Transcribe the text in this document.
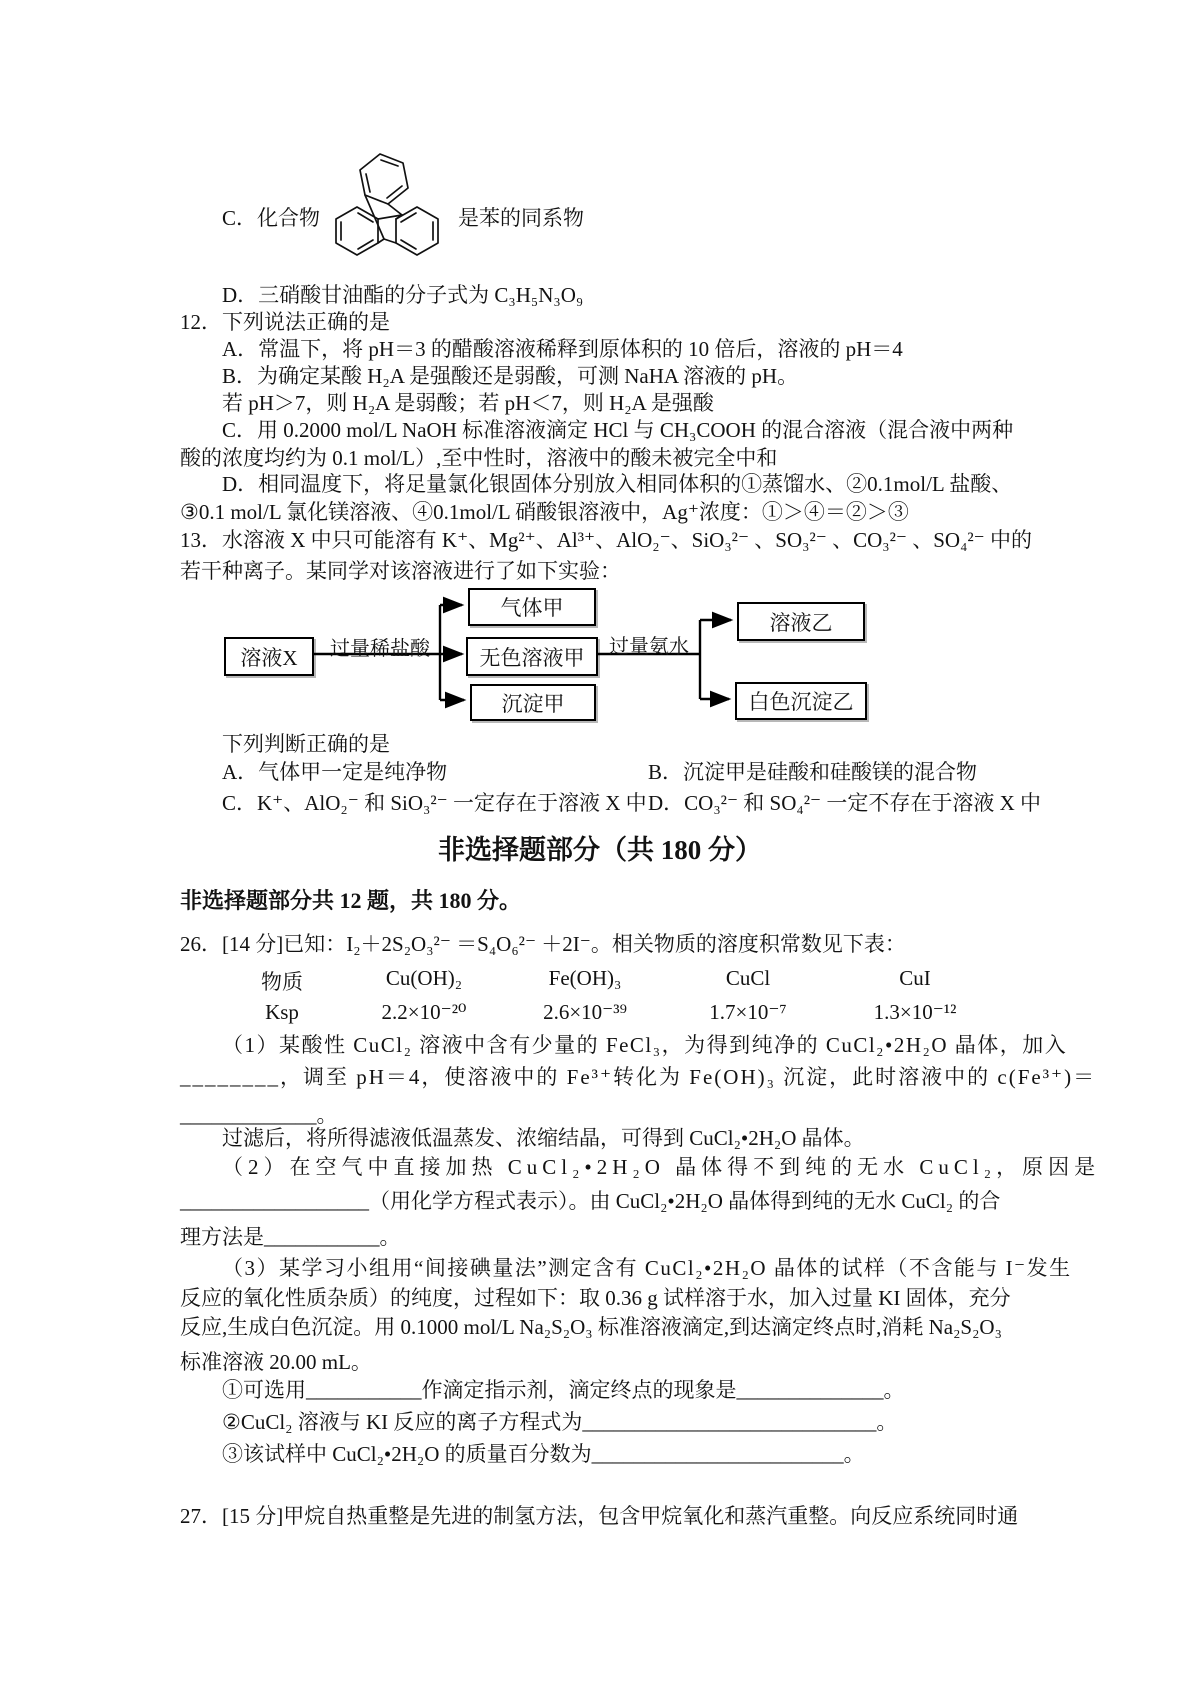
C．化合物	是苯的同系物
D．三硝酸甘油酯的分子式为 C₃H₅N₃O₉
12．下列说法正确的是
A．常温下，将 pH＝3 的醋酸溶液稀释到原体积的 10 倍后，溶液的 pH＝4
B．为确定某酸 H₂A 是强酸还是弱酸，可测 NaHA 溶液的 pH。
若 pH＞7，则 H₂A 是弱酸；若 pH＜7，则 H₂A 是强酸
C．用 0.2000 mol/L NaOH 标准溶液滴定 HCl 与 CH₃COOH 的混合溶液（混合液中两种
酸的浓度均约为 0.1 mol/L）,至中性时，溶液中的酸未被完全中和
D．相同温度下，将足量氯化银固体分别放入相同体积的①蒸馏水、②0.1mol/L 盐酸、
③0.1 mol/L 氯化镁溶液、④0.1mol/L 硝酸银溶液中，Ag⁺浓度：①＞④＝②＞③
13．水溶液 X 中只可能溶有 K⁺、Mg²⁺、Al³⁺、AlO₂⁻、SiO₃²⁻ 、SO₃²⁻ 、CO₃²⁻ 、SO₄²⁻ 中的
若干种离子。某同学对该溶液进行了如下实验：
溶液X	过量稀盐酸
气体甲
无色溶液甲
沉淀甲
过量氨水
溶液乙
白色沉淀乙
下列判断正确的是
A．气体甲一定是纯净物	B．沉淀甲是硅酸和硅酸镁的混合物
C．K⁺、AlO₂⁻ 和 SiO₃²⁻ 一定存在于溶液 X 中 D．CO₃²⁻ 和 SO₄²⁻ 一定不存在于溶液 X 中
非选择题部分（共 180 分）
非选择题部分共 12 题，共 180 分。
26．[14 分]已知：I₂＋2S₂O₃²⁻ ＝S₄O₆²⁻ ＋2I⁻。相关物质的溶度积常数见下表：
物质	Cu(OH)₂	Fe(OH)₃	CuCl	CuI
Ksp	2.2×10⁻²⁰	2.6×10⁻³⁹	1.7×10⁻⁷	1.3×10⁻¹²
（1）某酸性 CuCl₂ 溶液中含有少量的 FeCl₃，为得到纯净的 CuCl₂•2H₂O 晶体，加入
________，调至 pH＝4，使溶液中的 Fe³⁺转化为 Fe(OH)₃ 沉淀，此时溶液中的 c(Fe³⁺)＝
_____________。
过滤后，将所得滤液低温蒸发、浓缩结晶，可得到 CuCl₂•2H₂O 晶体。
（2）在空气中直接加热 CuCl₂•2H₂O 晶体得不到纯的无水 CuCl₂，原因是
__________________（用化学方程式表示）。由 CuCl₂•2H₂O 晶体得到纯的无水 CuCl₂ 的合
理方法是___________。
（3）某学习小组用“间接碘量法”测定含有 CuCl₂•2H₂O 晶体的试样（不含能与 I⁻发生
反应的氧化性质杂质）的纯度，过程如下：取 0.36 g 试样溶于水，加入过量 KI 固体，充分
反应,生成白色沉淀。用 0.1000 mol/L Na₂S₂O₃ 标准溶液滴定,到达滴定终点时,消耗 Na₂S₂O₃
标准溶液 20.00 mL。
①可选用___________作滴定指示剂，滴定终点的现象是______________。
②CuCl₂ 溶液与 KI 反应的离子方程式为____________________________。
③该试样中 CuCl₂•2H₂O 的质量百分数为________________________。
27．[15 分]甲烷自热重整是先进的制氢方法，包含甲烷氧化和蒸汽重整。向反应系统同时通
